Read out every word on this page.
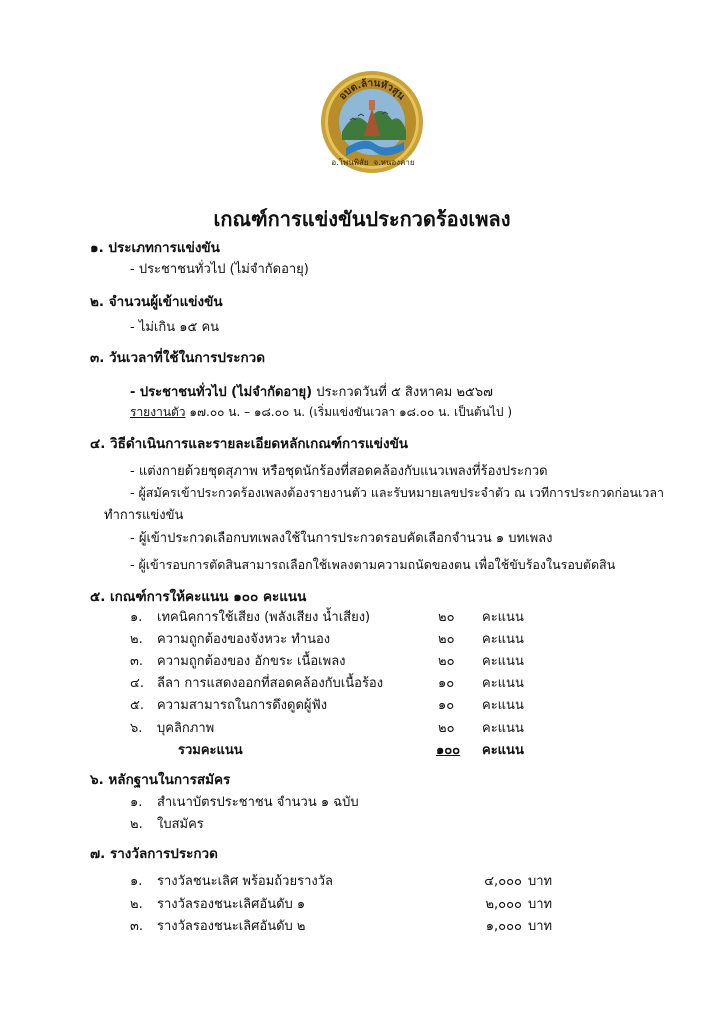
อบต.ล้านหัวสุน
อ.โพนพิสัย จ.หนองคาย
เกณฑ์การแข่งขันประกวดร้องเพลง
๑. ประเภทการแข่งขัน
- ประชาชนทั่วไป (ไม่จำกัดอายุ)
๒. จำนวนผู้เข้าแข่งขัน
- ไม่เกิน ๑๕ คน
๓. วันเวลาที่ใช้ในการประกวด
- ประชาชนทั่วไป (ไม่จำกัดอายุ) ประกวดวันที่ ๕ สิงหาคม ๒๕๖๗
รายงานตัว ๑๗.๐๐ น. – ๑๘.๐๐ น. (เริ่มแข่งขันเวลา ๑๘.๐๐ น. เป็นต้นไป )
๔. วิธีดำเนินการและรายละเอียดหลักเกณฑ์การแข่งขัน
- แต่งกายด้วยชุดสุภาพ หรือชุดนักร้องที่สอดคล้องกับแนวเพลงที่ร้องประกวด
- ผู้สมัครเข้าประกวดร้องเพลงต้องรายงานตัว และรับหมายเลขประจำตัว ณ เวทีการประกวดก่อนเวลา
ทำการแข่งขัน
- ผู้เข้าประกวดเลือกบทเพลงใช้ในการประกวดรอบคัดเลือกจำนวน ๑ บทเพลง
- ผู้เข้ารอบการตัดสินสามารถเลือกใช้เพลงตามความถนัดของตน เพื่อใช้ขับร้องในรอบตัดสิน
๕. เกณฑ์การให้คะแนน ๑๐๐ คะแนน
๑. เทคนิคการใช้เสียง (พลังเสียง น้ำเสียง)	๒๐ คะแนน
๒. ความถูกต้องของจังหวะ ทำนอง	๒๐ คะแนน
๓. ความถูกต้องของ อักขระ เนื้อเพลง	๒๐ คะแนน
๔. ลีลา การแสดงออกที่สอดคล้องกับเนื้อร้อง	๑๐ คะแนน
๕. ความสามารถในการดึงดูดผู้ฟัง	๑๐ คะแนน
๖. บุคลิกภาพ	๒๐ คะแนน
รวมคะแนน	๑๐๐ คะแนน
๖. หลักฐานในการสมัคร
๑. สำเนาบัตรประชาชน จำนวน ๑ ฉบับ
๒. ใบสมัคร
๗. รางวัลการประกวด
๑. รางวัลชนะเลิศ พร้อมถ้วยรางวัล	๔,๐๐๐ บาท
๒. รางวัลรองชนะเลิศอันดับ ๑	๒,๐๐๐ บาท
๓. รางวัลรองชนะเลิศอันดับ ๒	๑,๐๐๐ บาท
